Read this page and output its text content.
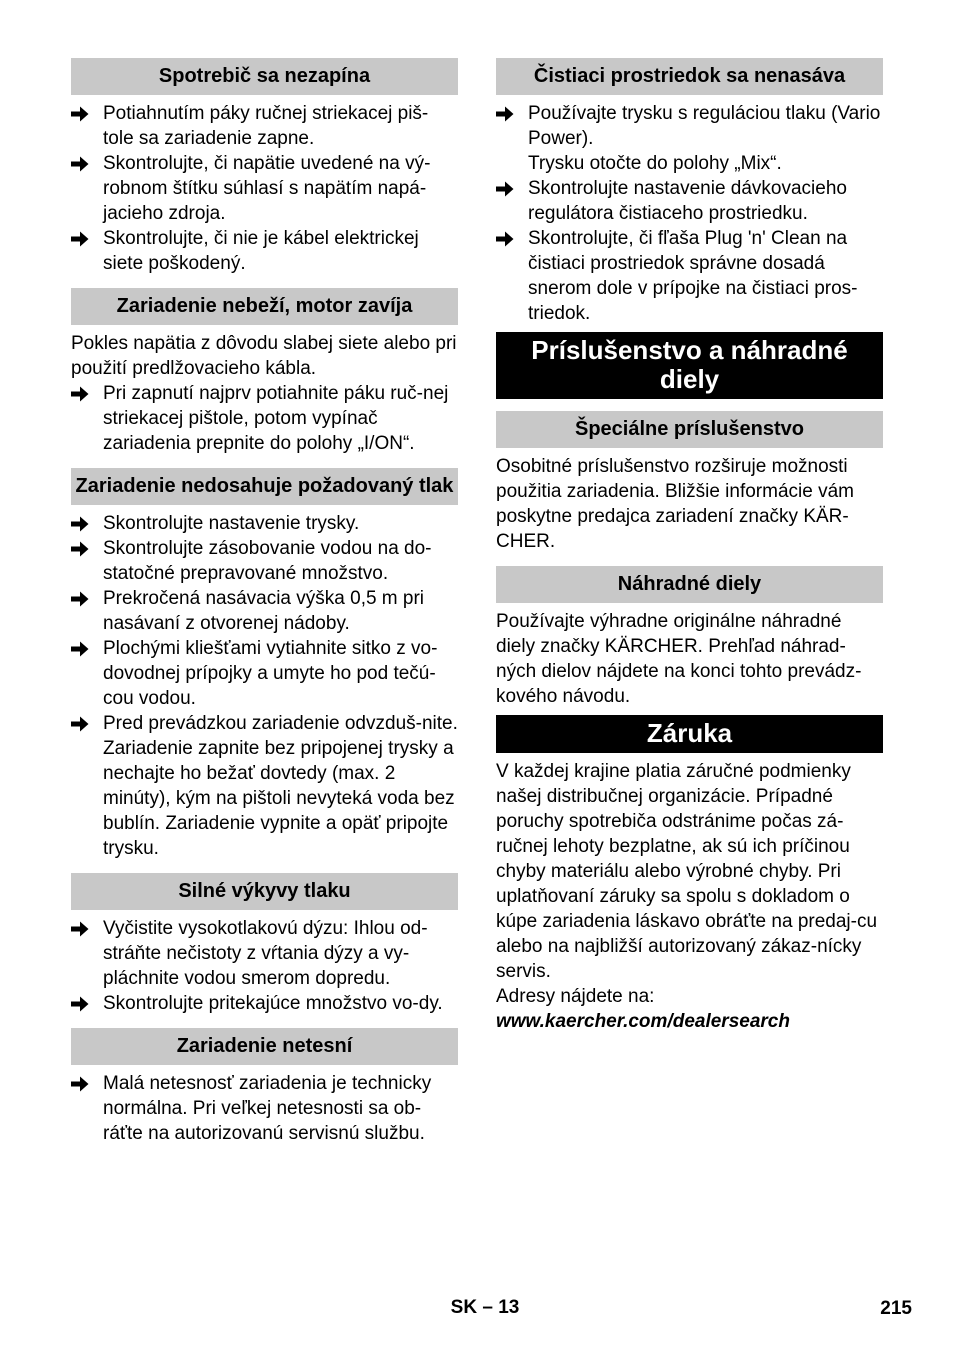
Spotrebič sa nezapína
Potiahnutím páky ručnej striekacej piš-tole sa zariadenie zapne.
Skontrolujte, či napätie uvedené na vý-robnom štítku súhlasí s napätím napá-jacieho zdroja.
Skontrolujte, či nie je kábel elektrickej siete poškodený.
Zariadenie nebeží, motor zavíja

Pokles napätia z dôvodu slabej siete alebo pri použití predlžovacieho kábla.

Pri zapnutí najprv potiahnite páku ruč-nej striekacej pištole, potom vypínač zariadenia prepnite do polohy „I/ON“.
Zariadenie nedosahuje požadovaný tlak
Skontrolujte nastavenie trysky.
Skontrolujte zásobovanie vodou na do-statočné prepravované množstvo.
Prekročená nasávacia výška 0,5 m pri nasávaní z otvorenej nádoby.
Plochými kliešťami vytiahnite sitko z vo-dovodnej prípojky a umyte ho pod tečú-cou vodou.
Pred prevádzkou zariadenie odvzduš-nite.
Zariadenie zapnite bez pripojenej trysky a nechajte ho bežať dovtedy (max. 2 minúty), kým na pištoli nevyteká voda bez bublín. Zariadenie vypnite a opäť pripojte trysku.
Silné výkyvy tlaku
Vyčistite vysokotlakovú dýzu: Ihlou od-stráňte nečistoty z vŕtania dýzy a vy-pláchnite vodou smerom dopredu.
Skontrolujte pritekajúce množstvo vo-dy.
Zariadenie netesní
Malá netesnosť zariadenia je technicky normálna. Pri veľkej netesnosti sa ob-ráťte na autorizovanú servisnú službu.
Čistiaci prostriedok sa nenasáva
Používajte trysku s reguláciou tlaku (Vario Power).
Trysku otočte do polohy „Mix“.
Skontrolujte nastavenie dávkovacieho regulátora čistiaceho prostriedku.
Skontrolujte, či fľaša Plug 'n' Clean na čistiaci prostriedok správne dosadá snerom dole v prípojke na čistiaci pros-triedok.
Príslušenstvo a náhradné diely
Špeciálne príslušenstvo

Osobitné príslušenstvo rozširuje možnosti použitia zariadenia. Bližšie informácie vám poskytne predajca zariadení značky KÄR-CHER.

Náhradné diely

Používajte výhradne originálne náhradné diely značky KÄRCHER. Prehľad náhrad-ných dielov nájdete na konci tohto prevádz-kového návodu.

Záruka

V každej krajine platia záručné podmienky našej distribučnej organizácie. Prípadné poruchy spotrebiča odstránime počas zá-ručnej lehoty bezplatne, ak sú ich príčinou chyby materiálu alebo výrobné chyby. Pri uplatňovaní záruky sa spolu s dokladom o kúpe zariadenia láskavo obráťte na predaj-cu alebo na najbližší autorizovaný zákaz-nícky servis.

Adresy nájdete na:

www.kaercher.com/dealersearch

SK – 13	215
